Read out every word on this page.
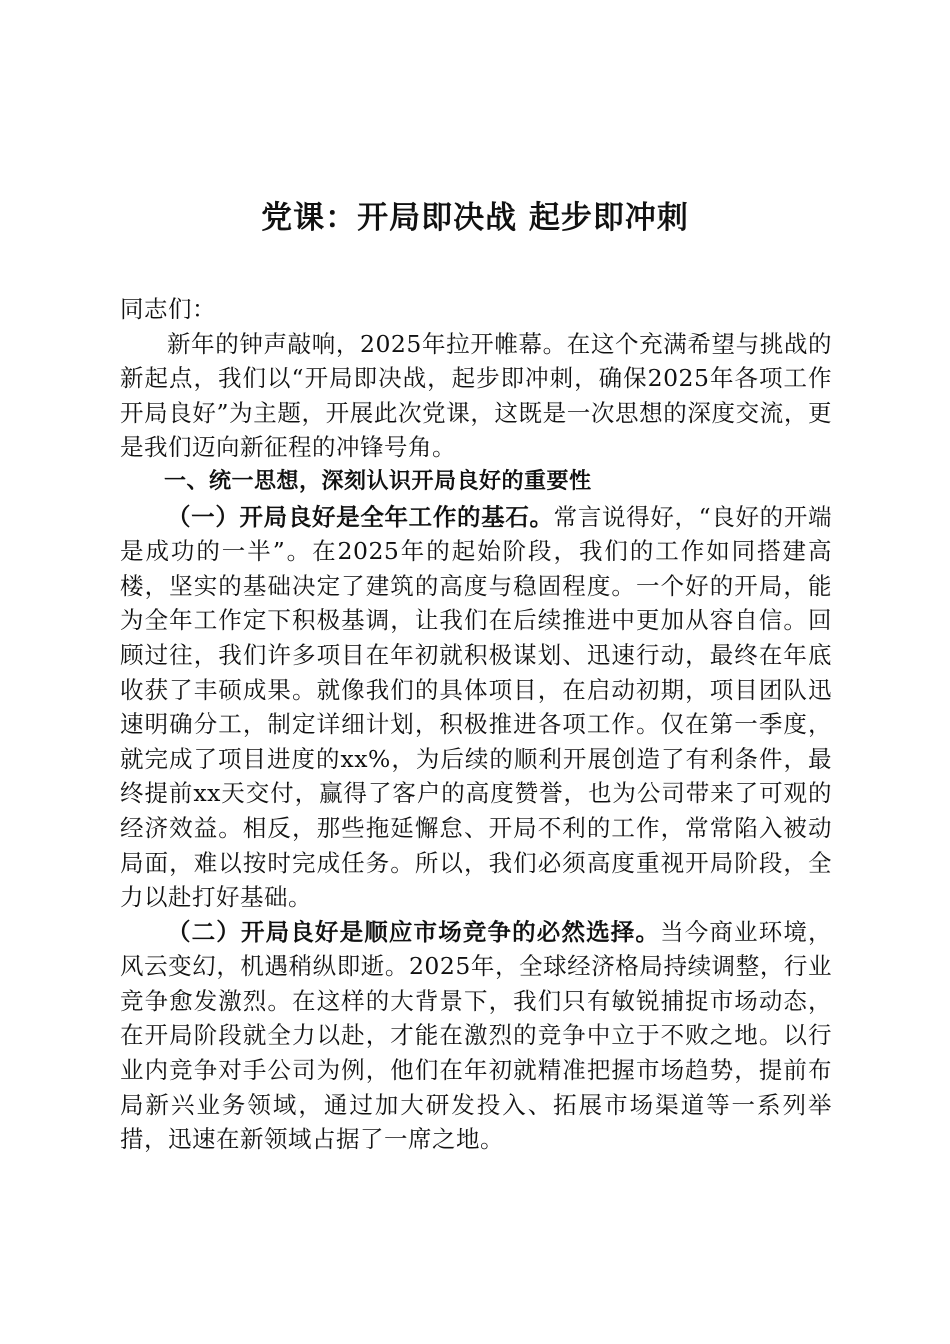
党课：开局即决战 起步即冲刺

同志们：

新年的钟声敲响，2025年拉开帷幕。在这个充满希望与挑战的新起点，我们以“开局即决战，起步即冲刺，确保2025年各项工作开局良好”为主题，开展此次党课，这既是一次思想的深度交流，更是我们迈向新征程的冲锋号角。

一、统一思想，深刻认识开局良好的重要性

（一）开局良好是全年工作的基石。常言说得好，“良好的开端是成功的一半”。在2025年的起始阶段，我们的工作如同搭建高楼，坚实的基础决定了建筑的高度与稳固程度。一个好的开局，能为全年工作定下积极基调，让我们在后续推进中更加从容自信。回顾过往，我们许多项目在年初就积极谋划、迅速行动，最终在年底收获了丰硕成果。就像我们的具体项目，在启动初期，项目团队迅速明确分工，制定详细计划，积极推进各项工作。仅在第一季度，就完成了项目进度的xx%，为后续的顺利开展创造了有利条件，最终提前xx天交付，赢得了客户的高度赞誉，也为公司带来了可观的经济效益。相反，那些拖延懈怠、开局不利的工作，常常陷入被动局面，难以按时完成任务。所以，我们必须高度重视开局阶段，全力以赴打好基础。

（二）开局良好是顺应市场竞争的必然选择。当今商业环境，风云变幻，机遇稍纵即逝。2025年，全球经济格局持续调整，行业竞争愈发激烈。在这样的大背景下，我们只有敏锐捕捉市场动态，在开局阶段就全力以赴，才能在激烈的竞争中立于不败之地。以行业内竞争对手公司为例，他们在年初就精准把握市场趋势，提前布局新兴业务领域，通过加大研发投入、拓展市场渠道等一系列举措，迅速在新领域占据了一席之地。
